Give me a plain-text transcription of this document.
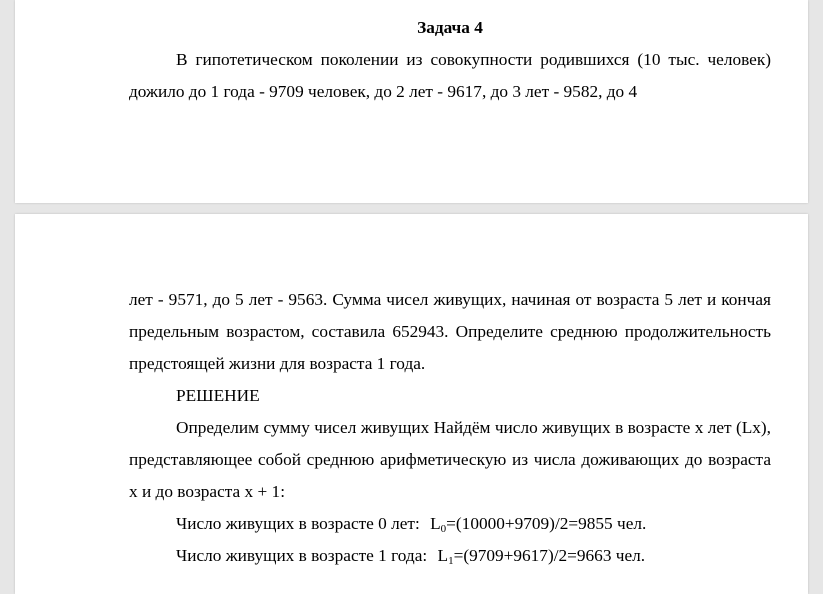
Задача 4

В гипотетическом поколении из совокупности родившихся (10 тыс. человек) дожило до 1 года - 9709 человек, до 2 лет - 9617, до 3 лет - 9582, до 4

лет - 9571, до 5 лет - 9563. Сумма чисел живущих, начиная от возраста 5 лет и кончая предельным возрастом, составила 652943. Определите среднюю продолжительность предстоящей жизни для возраста 1 года.

РЕШЕНИЕ

Определим сумму чисел живущих Найдём число живущих в возрасте x лет (Lx), представляющее собой среднюю арифметическую из числа доживающих до возраста x и до возраста x + 1:

Число живущих в возрасте 0 лет: $L_0=(10000+9709)/2=9855$ чел.

Число живущих в возрасте 1 года: $L_1=(9709+9617)/2=9663$ чел.
